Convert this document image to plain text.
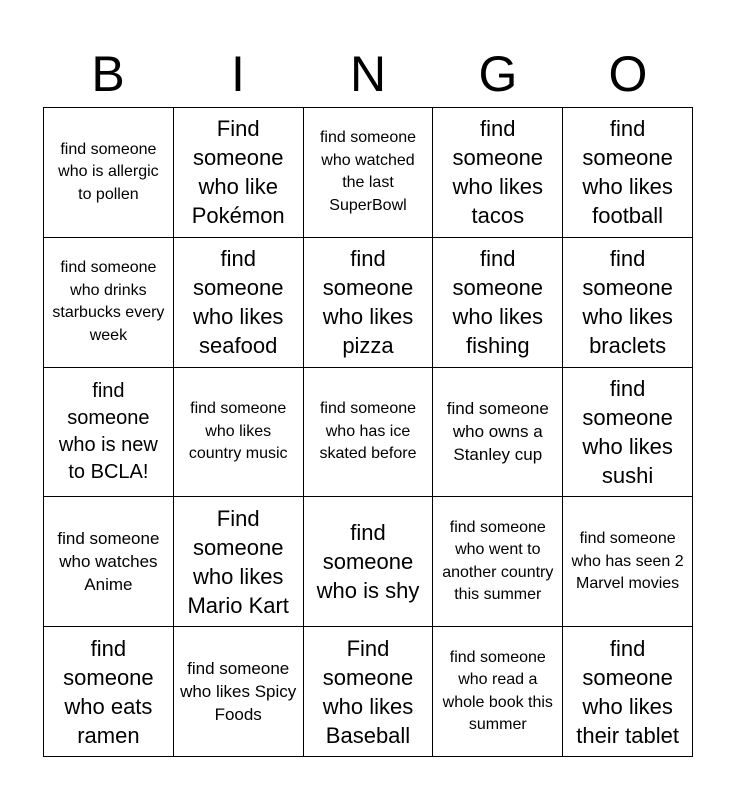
B	I	N	G	O
find someone who is allergic to pollen
Find someone who like Pokémon
find someone who watched the last SuperBowl
find someone who likes tacos
find someone who likes football
find someone who drinks starbucks every week
find someone who likes seafood
find someone who likes pizza
find someone who likes fishing
find someone who likes braclets
find someone who is new to BCLA!
find someone who likes country music
find someone who has ice skated before
find someone who owns a Stanley cup
find someone who likes sushi
find someone who watches Anime
Find someone who likes Mario Kart
find someone who is shy
find someone who went to another country this summer
find someone who has seen 2 Marvel movies
find someone who eats ramen
find someone who likes Spicy Foods
Find someone who likes Baseball
find someone who read a whole book this summer
find someone who likes their tablet
